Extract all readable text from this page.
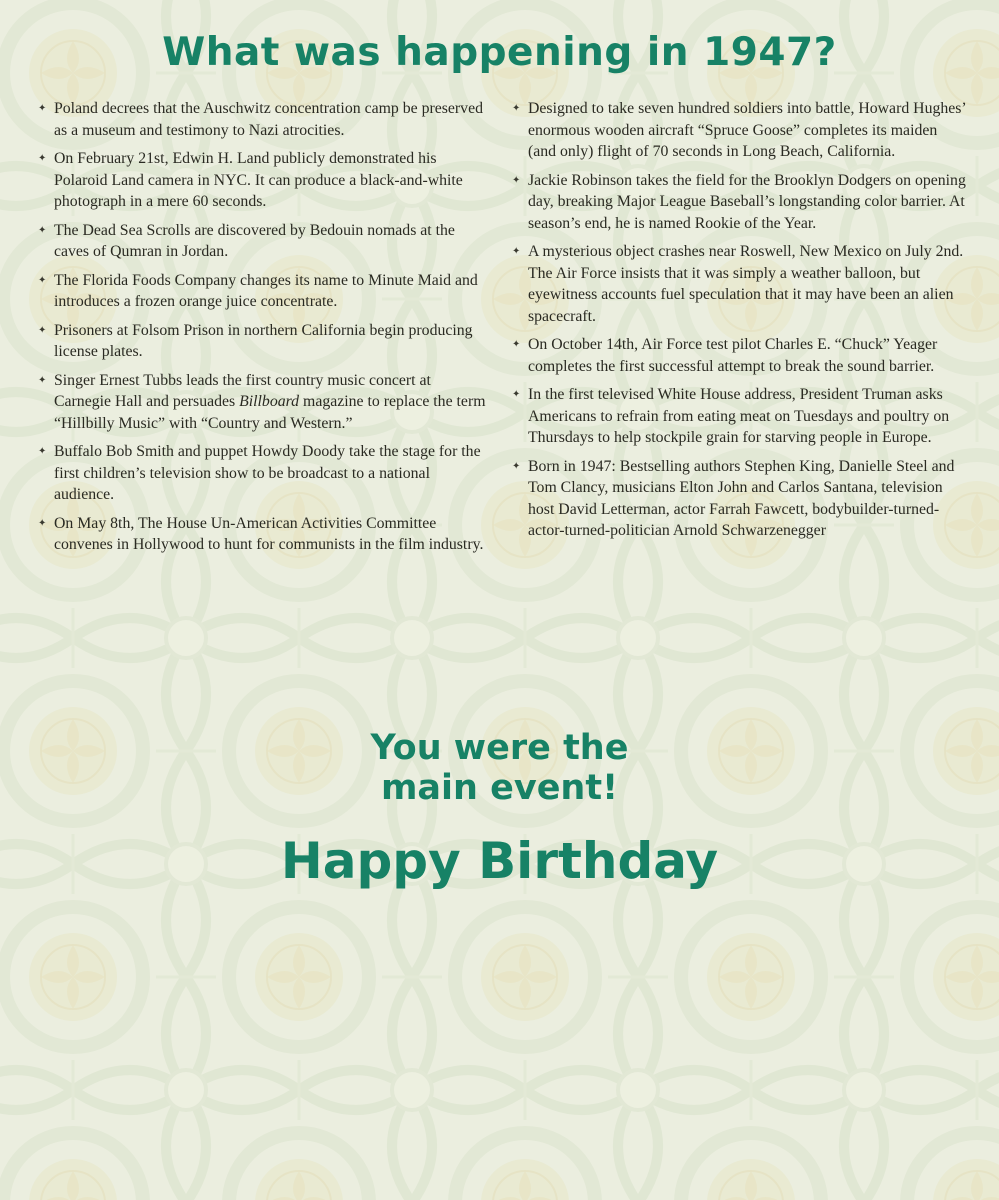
What was happening in 1947?
✦ Poland decrees that the Auschwitz concentration camp be preserved as a museum and testimony to Nazi atrocities.
✦ On February 21st, Edwin H. Land publicly demonstrated his Polaroid Land camera in NYC. It can produce a black-and-white photograph in a mere 60 seconds.
✦ The Dead Sea Scrolls are discovered by Bedouin nomads at the caves of Qumran in Jordan.
✦ The Florida Foods Company changes its name to Minute Maid and introduces a frozen orange juice concentrate.
✦ Prisoners at Folsom Prison in northern California begin producing license plates.
✦ Singer Ernest Tubbs leads the first country music concert at Carnegie Hall and persuades Billboard magazine to replace the term “Hillbilly Music” with “Country and Western.”
✦ Buffalo Bob Smith and puppet Howdy Doody take the stage for the first children’s television show to be broadcast to a national audience.
✦ On May 8th, The House Un-American Activities Committee convenes in Hollywood to hunt for communists in the film industry.
✦ Designed to take seven hundred soldiers into battle, Howard Hughes’ enormous wooden aircraft “Spruce Goose” completes its maiden (and only) flight of 70 seconds in Long Beach, California.
✦ Jackie Robinson takes the field for the Brooklyn Dodgers on opening day, breaking Major League Baseball’s longstanding color barrier. At season’s end, he is named Rookie of the Year.
✦ A mysterious object crashes near Roswell, New Mexico on July 2nd. The Air Force insists that it was simply a weather balloon, but eyewitness accounts fuel speculation that it may have been an alien spacecraft.
✦ On October 14th, Air Force test pilot Charles E. “Chuck” Yeager completes the first successful attempt to break the sound barrier.
✦ In the first televised White House address, President Truman asks Americans to refrain from eating meat on Tuesdays and poultry on Thursdays to help stockpile grain for starving people in Europe.
✦ Born in 1947: Bestselling authors Stephen King, Danielle Steel and Tom Clancy, musicians Elton John and Carlos Santana, television host David Letterman, actor Farrah Fawcett, bodybuilder-turned-actor-turned-politician Arnold Schwarzenegger
You were the
main event!
Happy Birthday
